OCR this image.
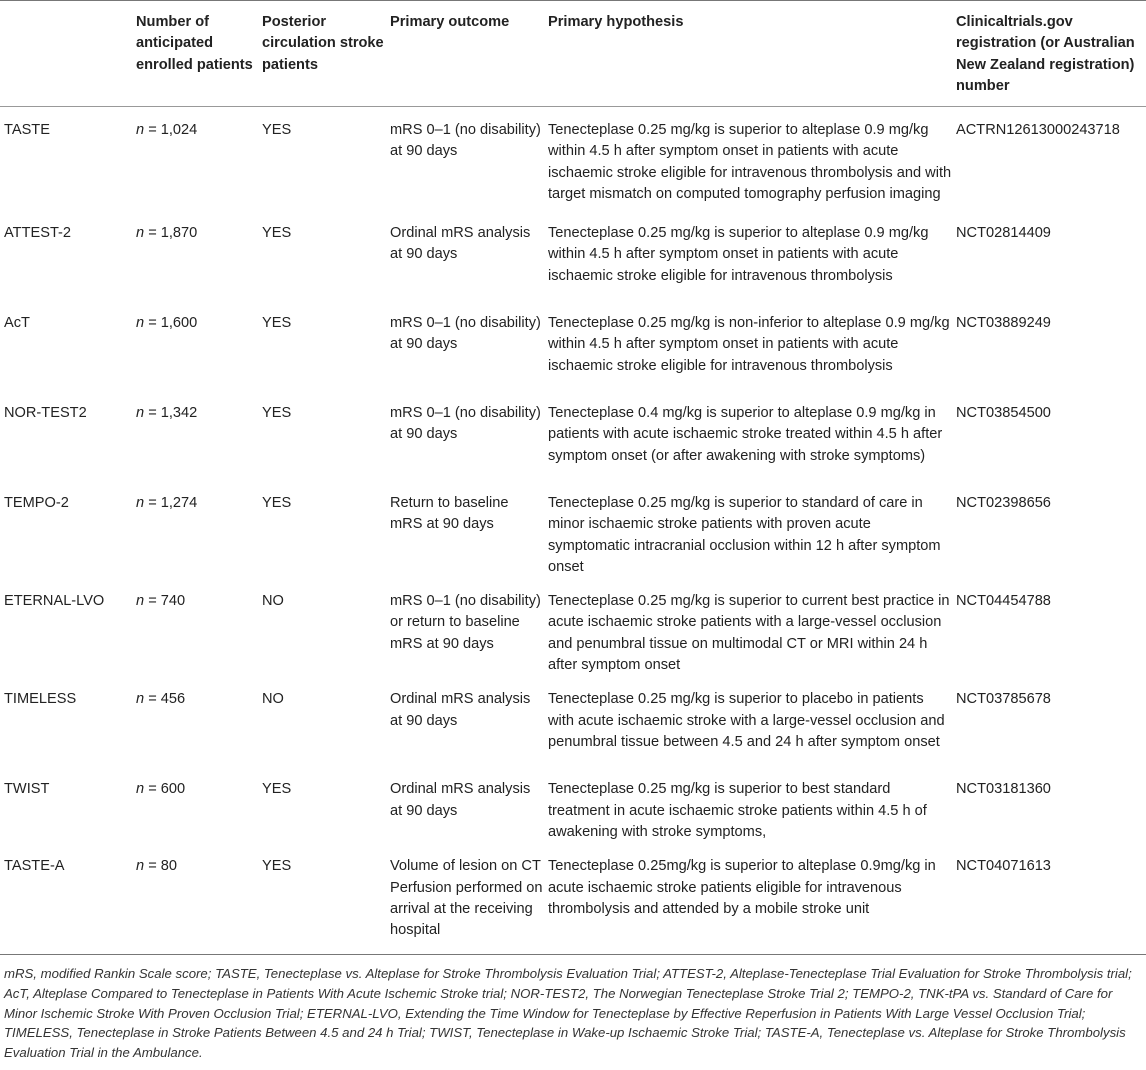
	Number of anticipated enrolled patients	Posterior circulation stroke patients	Primary outcome	Primary hypothesis	Clinicaltrials.gov registration (or Australian New Zealand registration) number
TASTE	n = 1,024	YES	mRS 0–1 (no disability) at 90 days	Tenecteplase 0.25 mg/kg is superior to alteplase 0.9 mg/kg within 4.5 h after symptom onset in patients with acute ischaemic stroke eligible for intravenous thrombolysis and with target mismatch on computed tomography perfusion imaging	ACTRN12613000243718
ATTEST-2	n = 1,870	YES	Ordinal mRS analysis at 90 days	Tenecteplase 0.25 mg/kg is superior to alteplase 0.9 mg/kg within 4.5 h after symptom onset in patients with acute ischaemic stroke eligible for intravenous thrombolysis	NCT02814409
AcT	n = 1,600	YES	mRS 0–1 (no disability) at 90 days	Tenecteplase 0.25 mg/kg is non-inferior to alteplase 0.9 mg/kg within 4.5 h after symptom onset in patients with acute ischaemic stroke eligible for intravenous thrombolysis	NCT03889249
NOR-TEST2	n = 1,342	YES	mRS 0–1 (no disability) at 90 days	Tenecteplase 0.4 mg/kg is superior to alteplase 0.9 mg/kg in patients with acute ischaemic stroke treated within 4.5 h after symptom onset (or after awakening with stroke symptoms)	NCT03854500
TEMPO-2	n = 1,274	YES	Return to baseline mRS at 90 days	Tenecteplase 0.25 mg/kg is superior to standard of care in minor ischaemic stroke patients with proven acute symptomatic intracranial occlusion within 12 h after symptom onset	NCT02398656
ETERNAL-LVO	n = 740	NO	mRS 0–1 (no disability) or return to baseline mRS at 90 days	Tenecteplase 0.25 mg/kg is superior to current best practice in acute ischaemic stroke patients with a large-vessel occlusion and penumbral tissue on multimodal CT or MRI within 24 h after symptom onset	NCT04454788
TIMELESS	n = 456	NO	Ordinal mRS analysis at 90 days	Tenecteplase 0.25 mg/kg is superior to placebo in patients with acute ischaemic stroke with a large-vessel occlusion and penumbral tissue between 4.5 and 24 h after symptom onset	NCT03785678
TWIST	n = 600	YES	Ordinal mRS analysis at 90 days	Tenecteplase 0.25 mg/kg is superior to best standard treatment in acute ischaemic stroke patients within 4.5 h of awakening with stroke symptoms,	NCT03181360
TASTE-A	n = 80	YES	Volume of lesion on CT Perfusion performed on arrival at the receiving hospital	Tenecteplase 0.25mg/kg is superior to alteplase 0.9mg/kg in acute ischaemic stroke patients eligible for intravenous thrombolysis and attended by a mobile stroke unit	NCT04071613
mRS, modified Rankin Scale score; TASTE, Tenecteplase vs. Alteplase for Stroke Thrombolysis Evaluation Trial; ATTEST-2, Alteplase-Tenecteplase Trial Evaluation for Stroke Thrombolysis trial; AcT, Alteplase Compared to Tenecteplase in Patients With Acute Ischemic Stroke trial; NOR-TEST2, The Norwegian Tenecteplase Stroke Trial 2; TEMPO-2, TNK-tPA vs. Standard of Care for Minor Ischemic Stroke With Proven Occlusion Trial; ETERNAL-LVO, Extending the Time Window for Tenecteplase by Effective Reperfusion in Patients With Large Vessel Occlusion Trial; TIMELESS, Tenecteplase in Stroke Patients Between 4.5 and 24 h Trial; TWIST, Tenecteplase in Wake-up Ischaemic Stroke Trial; TASTE-A, Tenecteplase vs. Alteplase for Stroke Thrombolysis Evaluation Trial in the Ambulance.
